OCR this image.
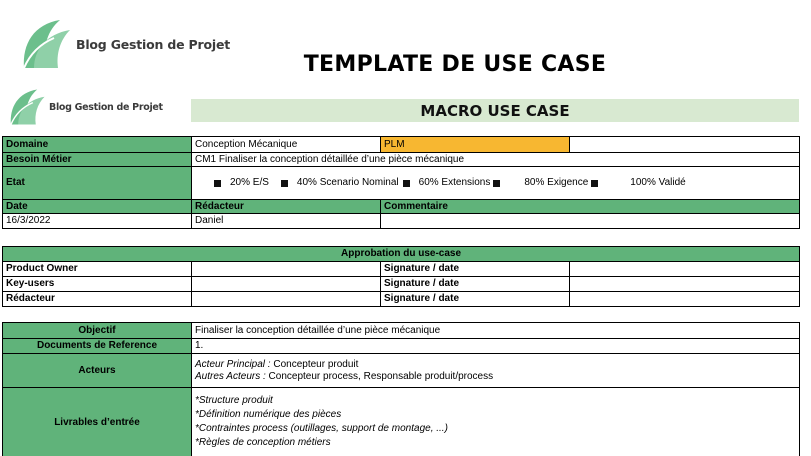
Blog Gestion de Projet
TEMPLATE DE USE CASE
Blog Gestion de Projet	MACRO USE CASE
Domaine	Conception Mécanique	PLM	
Besoin Métier	CM1 Finaliser la conception détaillée d’une pièce mécanique		
Etat	20% E/S 40% Scenario Nominal 60% Extensions 80% Exigence 100% Validé		

Date	Rédacteur	Commentaire	
16/3/2022	Daniel		
Approbation du use-case			
Product Owner		Signature / date	
Key-users		Signature / date	
Rédacteur		Signature / date	
Objectif	Finaliser la conception détaillée d’une pièce mécanique
Documents de Reference	1.
Acteurs	Acteur Principal : Concepteur produit
Autres Acteurs : Concepteur process, Responsable produit/process

Livrables d’entrée	*Structure produit
*Définition numérique des pièces
*Contraintes process (outillages, support de montage, ...)
*Règles de conception métiers
